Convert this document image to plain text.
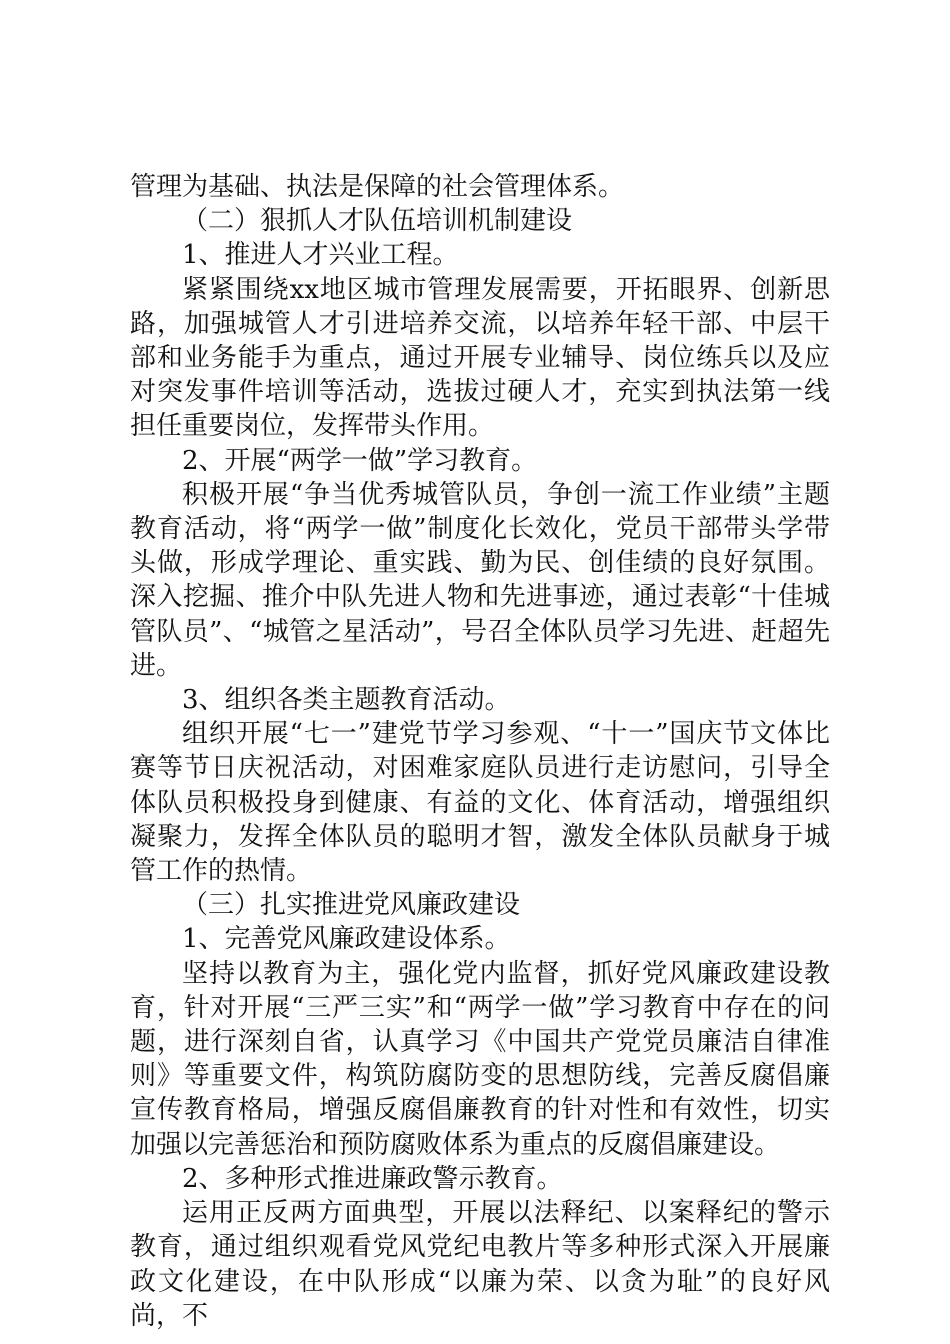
管理为基础、执法是保障的社会管理体系。

（二）狠抓人才队伍培训机制建设

1、推进人才兴业工程。

紧紧围绕xx地区城市管理发展需要，开拓眼界、创新思路，加强城管人才引进培养交流，以培养年轻干部、中层干部和业务能手为重点，通过开展专业辅导、岗位练兵以及应对突发事件培训等活动，选拔过硬人才，充实到执法第一线担任重要岗位，发挥带头作用。

2、开展“两学一做”学习教育。

积极开展“争当优秀城管队员，争创一流工作业绩”主题教育活动，将“两学一做”制度化长效化，党员干部带头学带头做，形成学理论、重实践、勤为民、创佳绩的良好氛围。深入挖掘、推介中队先进人物和先进事迹，通过表彰“十佳城管队员”、“城管之星活动”，号召全体队员学习先进、赶超先进。

3、组织各类主题教育活动。

组织开展“七一”建党节学习参观、“十一”国庆节文体比赛等节日庆祝活动，对困难家庭队员进行走访慰问，引导全体队员积极投身到健康、有益的文化、体育活动，增强组织凝聚力，发挥全体队员的聪明才智，激发全体队员献身于城管工作的热情。

（三）扎实推进党风廉政建设

1、完善党风廉政建设体系。

坚持以教育为主，强化党内监督，抓好党风廉政建设教育，针对开展“三严三实”和“两学一做”学习教育中存在的问题，进行深刻自省，认真学习《中国共产党党员廉洁自律准则》等重要文件，构筑防腐防变的思想防线，完善反腐倡廉宣传教育格局，增强反腐倡廉教育的针对性和有效性，切实加强以完善惩治和预防腐败体系为重点的反腐倡廉建设。

2、多种形式推进廉政警示教育。

运用正反两方面典型，开展以法释纪、以案释纪的警示教育，通过组织观看党风党纪电教片等多种形式深入开展廉政文化建设，在中队形成“以廉为荣、以贪为耻”的良好风尚，不
